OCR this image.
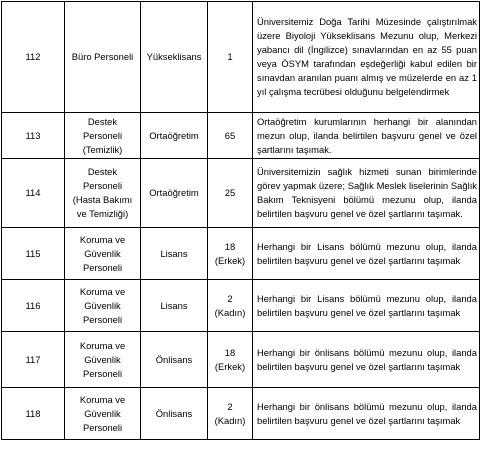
112	Büro Personeli	Yükseklisans	1	Üniversitemiz Doğa Tarihi Müzesinde çalıştırılmak üzere Biyoloji Yükseklisans Mezunu olup, Merkezi yabancı dil (İngilizce) sınavlarından en az 55 puan veya ÖSYM tarafından eşdeğerliği kabul edilen bir sınavdan aranılan puanı almış ve müzelerde en az 1 yıl çalışma tecrübesi olduğunu belgelendirmek
113	Destek
Personeli
(Temizlik)	Ortaöğretim	65	Ortaöğretim kurumlarının herhangi bir alanından mezun olup, ilanda belirtilen başvuru genel ve özel şartlarını taşımak.
114	Destek
Personeli
(Hasta Bakımı
ve Temizliği)	Ortaöğretim	25	Üniversitemizin sağlık hizmeti sunan birimlerinde görev yapmak üzere; Sağlık Meslek liselerinin Sağlık Bakım Teknisyeni bölümü mezunu olup, ilanda belirtilen başvuru genel ve özel şartlarını taşımak.
115	Koruma ve
Güvenlik
Personeli	Lisans	18
(Erkek)	Herhangi bir Lisans bölümü mezunu olup, ilanda belirtilen başvuru genel ve özel şartlarını taşımak
116	Koruma ve
Güvenlik
Personeli	Lisans	2
(Kadın)	Herhangi bir Lisans bölümü mezunu olup, ilanda belirtilen başvuru genel ve özel şartlarını taşımak
117	Koruma ve
Güvenlik
Personeli	Önlisans	18
(Erkek)	Herhangi bir önlisans bölümü mezunu olup, ilanda belirtilen başvuru genel ve özel şartlarını taşımak
118	Koruma ve
Güvenlik
Personeli	Önlisans	2
(Kadın)	Herhangi bir önlisans bölümü mezunu olup, ilanda belirtilen başvuru genel ve özel şartlarını taşımak
